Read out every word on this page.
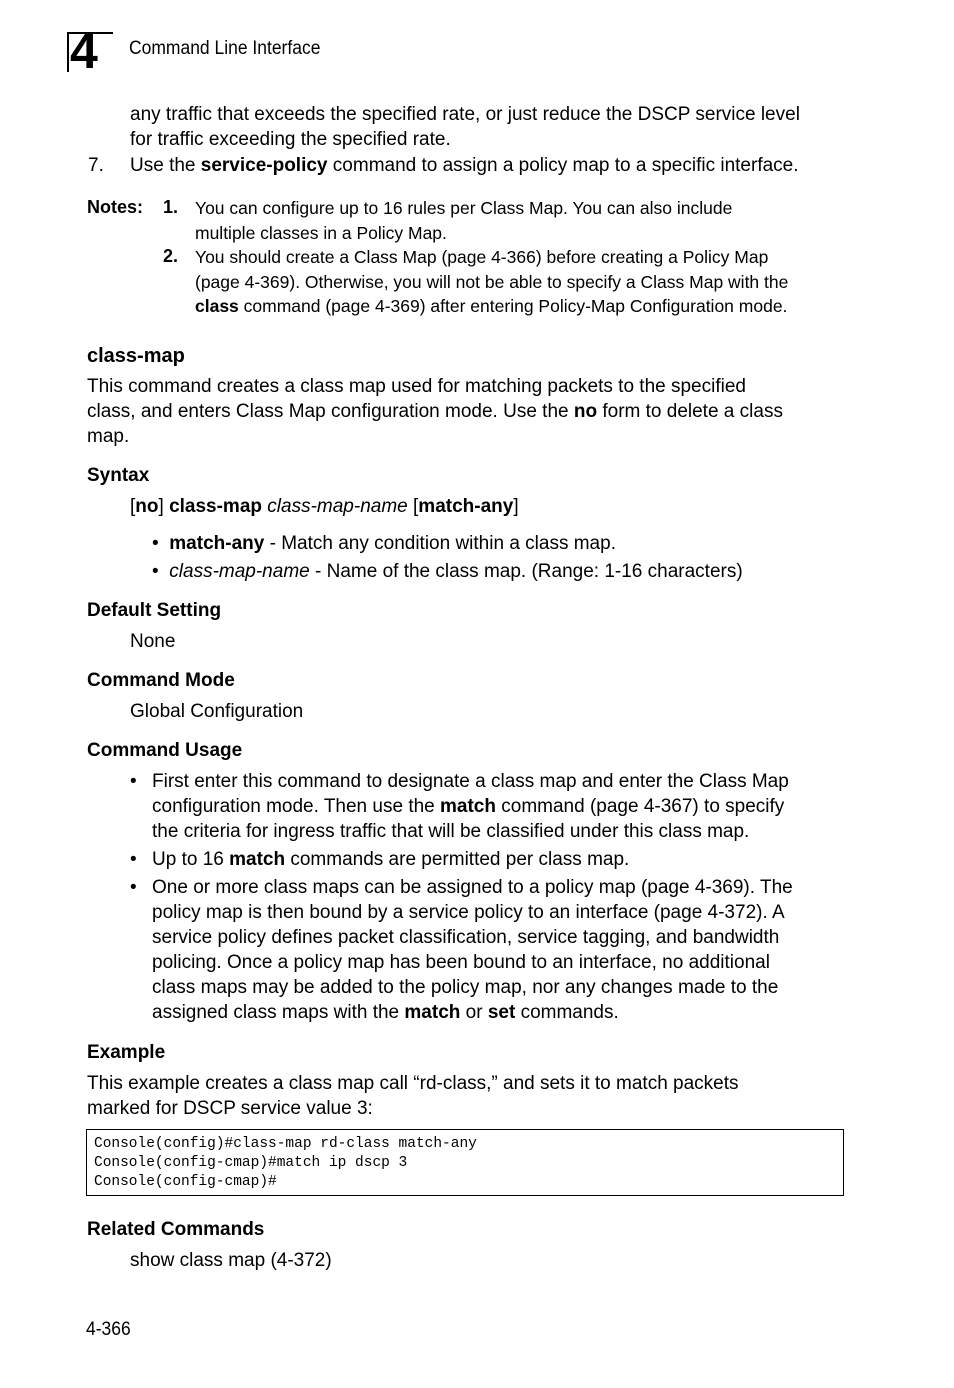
4 Command Line Interface
any traffic that exceeds the specified rate, or just reduce the DSCP service level
for traffic exceeding the specified rate.
7. Use the service-policy command to assign a policy map to a specific interface.
Notes: 1. You can configure up to 16 rules per Class Map. You can also include
multiple classes in a Policy Map.
2. You should create a Class Map (page 4-366) before creating a Policy Map
(page 4-369). Otherwise, you will not be able to specify a Class Map with the
class command (page 4-369) after entering Policy-Map Configuration mode.
class-map
This command creates a class map used for matching packets to the specified
class, and enters Class Map configuration mode. Use the no form to delete a class
map.
Syntax
[no] class-map class-map-name [match-any]
• match-any - Match any condition within a class map.
• class-map-name - Name of the class map. (Range: 1-16 characters)
Default Setting
None
Command Mode
Global Configuration
Command Usage
• First enter this command to designate a class map and enter the Class Map
configuration mode. Then use the match command (page 4-367) to specify
the criteria for ingress traffic that will be classified under this class map.
• Up to 16 match commands are permitted per class map.
• One or more class maps can be assigned to a policy map (page 4-369). The
policy map is then bound by a service policy to an interface (page 4-372). A
service policy defines packet classification, service tagging, and bandwidth
policing. Once a policy map has been bound to an interface, no additional
class maps may be added to the policy map, nor any changes made to the
assigned class maps with the match or set commands.
Example
This example creates a class map call “rd-class,” and sets it to match packets
marked for DSCP service value 3:
Console(config)#class-map rd-class match-any
Console(config-cmap)#match ip dscp 3
Console(config-cmap)#
Related Commands
show class map (4-372)
4-366
